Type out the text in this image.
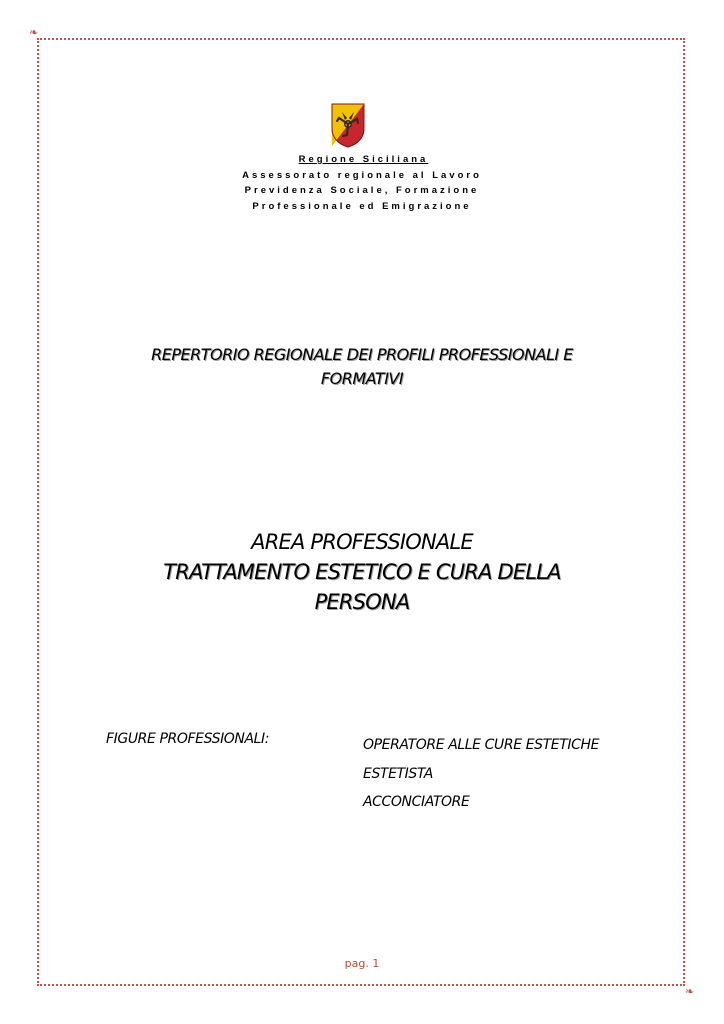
❧
❧
Regione Siciliana
Assessorato regionale al Lavoro
Previdenza Sociale, Formazione
Professionale ed Emigrazione
REPERTORIO REGIONALE DEI PROFILI PROFESSIONALI E
FORMATIVI
AREA PROFESSIONALE
TRATTAMENTO ESTETICO E CURA DELLA
PERSONA
FIGURE PROFESSIONALI:	OPERATORE ALLE CURE ESTETICHE
ESTETISTA
ACCONCIATORE
pag. 1
